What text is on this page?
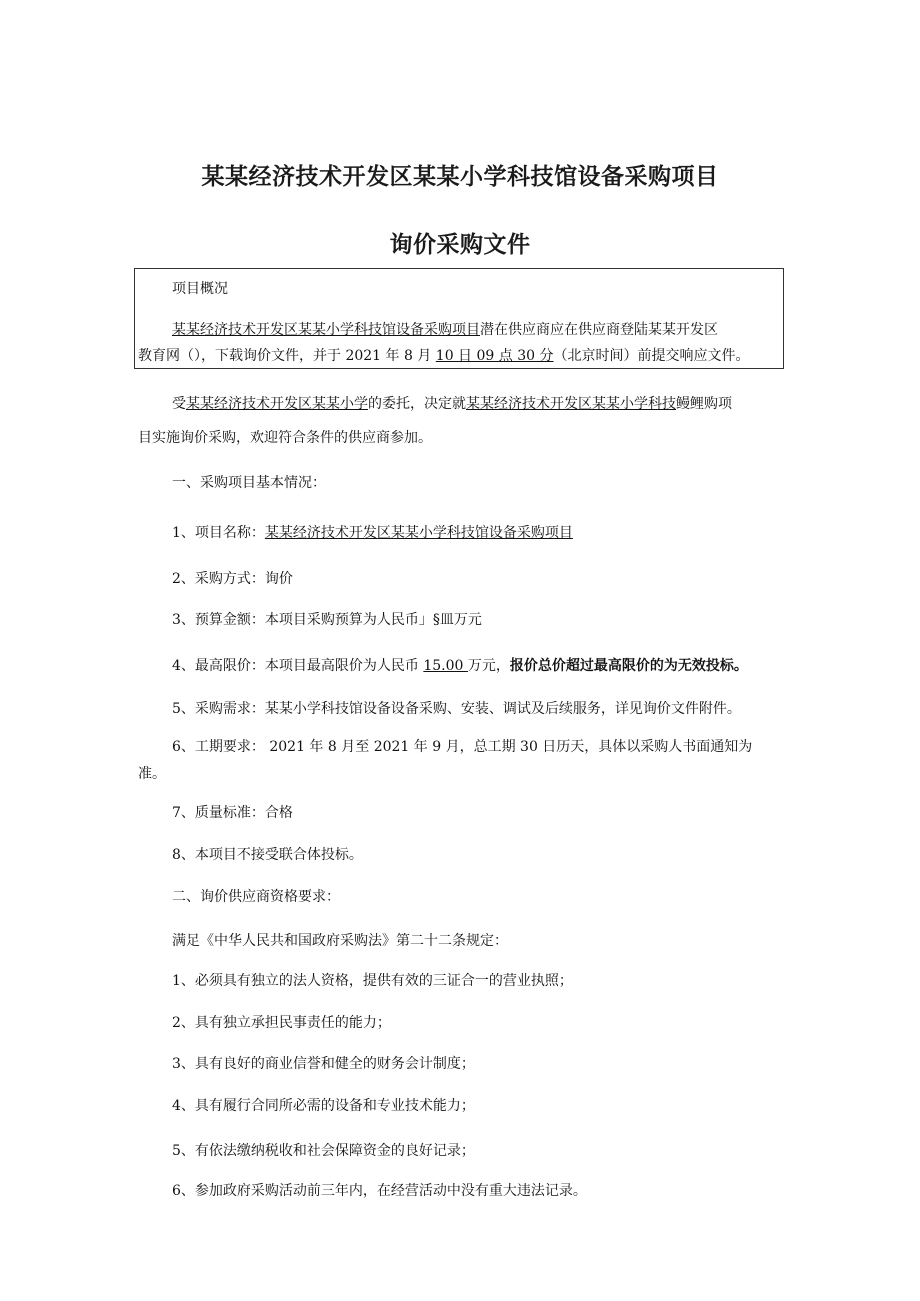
某某经济技术开发区某某小学科技馆设备采购项目
询价采购文件
项目概况
某某经济技术开发区某某小学科技馆设备采购项目潜在供应商应在供应商登陆某某开发区
教育网（），下载询价文件，并于 2021 年 8 月 10 日 09 点 30 分（北京时间）前提交响应文件。
受某某经济技术开发区某某小学的委托，决定就某某经济技术开发区某某小学科技鳗鲤购项
目实施询价采购，欢迎符合条件的供应商参加。
一、采购项目基本情况：
1、项目名称：某某经济技术开发区某某小学科技馆设备采购项目
2、采购方式：询价
3、预算金额：本项目采购预算为人民币」§皿万元
4、最高限价：本项目最高限价为人民币 15.00 万元，报价总价超过最高限价的为无效投标。
5、采购需求：某某小学科技馆设备设备采购、安装、调试及后续服务，详见询价文件附件。
6、工期要求： 2021 年 8 月至 2021 年 9 月，总工期 30 日历天，具体以采购人书面通知为
准。
7、质量标准：合格
8、本项目不接受联合体投标。
二、询价供应商资格要求：
满足《中华人民共和国政府采购法》第二十二条规定：
1、必须具有独立的法人资格，提供有效的三证合一的营业执照；
2、具有独立承担民事责任的能力；
3、具有良好的商业信誉和健全的财务会计制度；
4、具有履行合同所必需的设备和专业技术能力；
5、有依法缴纳税收和社会保障资金的良好记录；
6、参加政府采购活动前三年内，在经营活动中没有重大违法记录。
